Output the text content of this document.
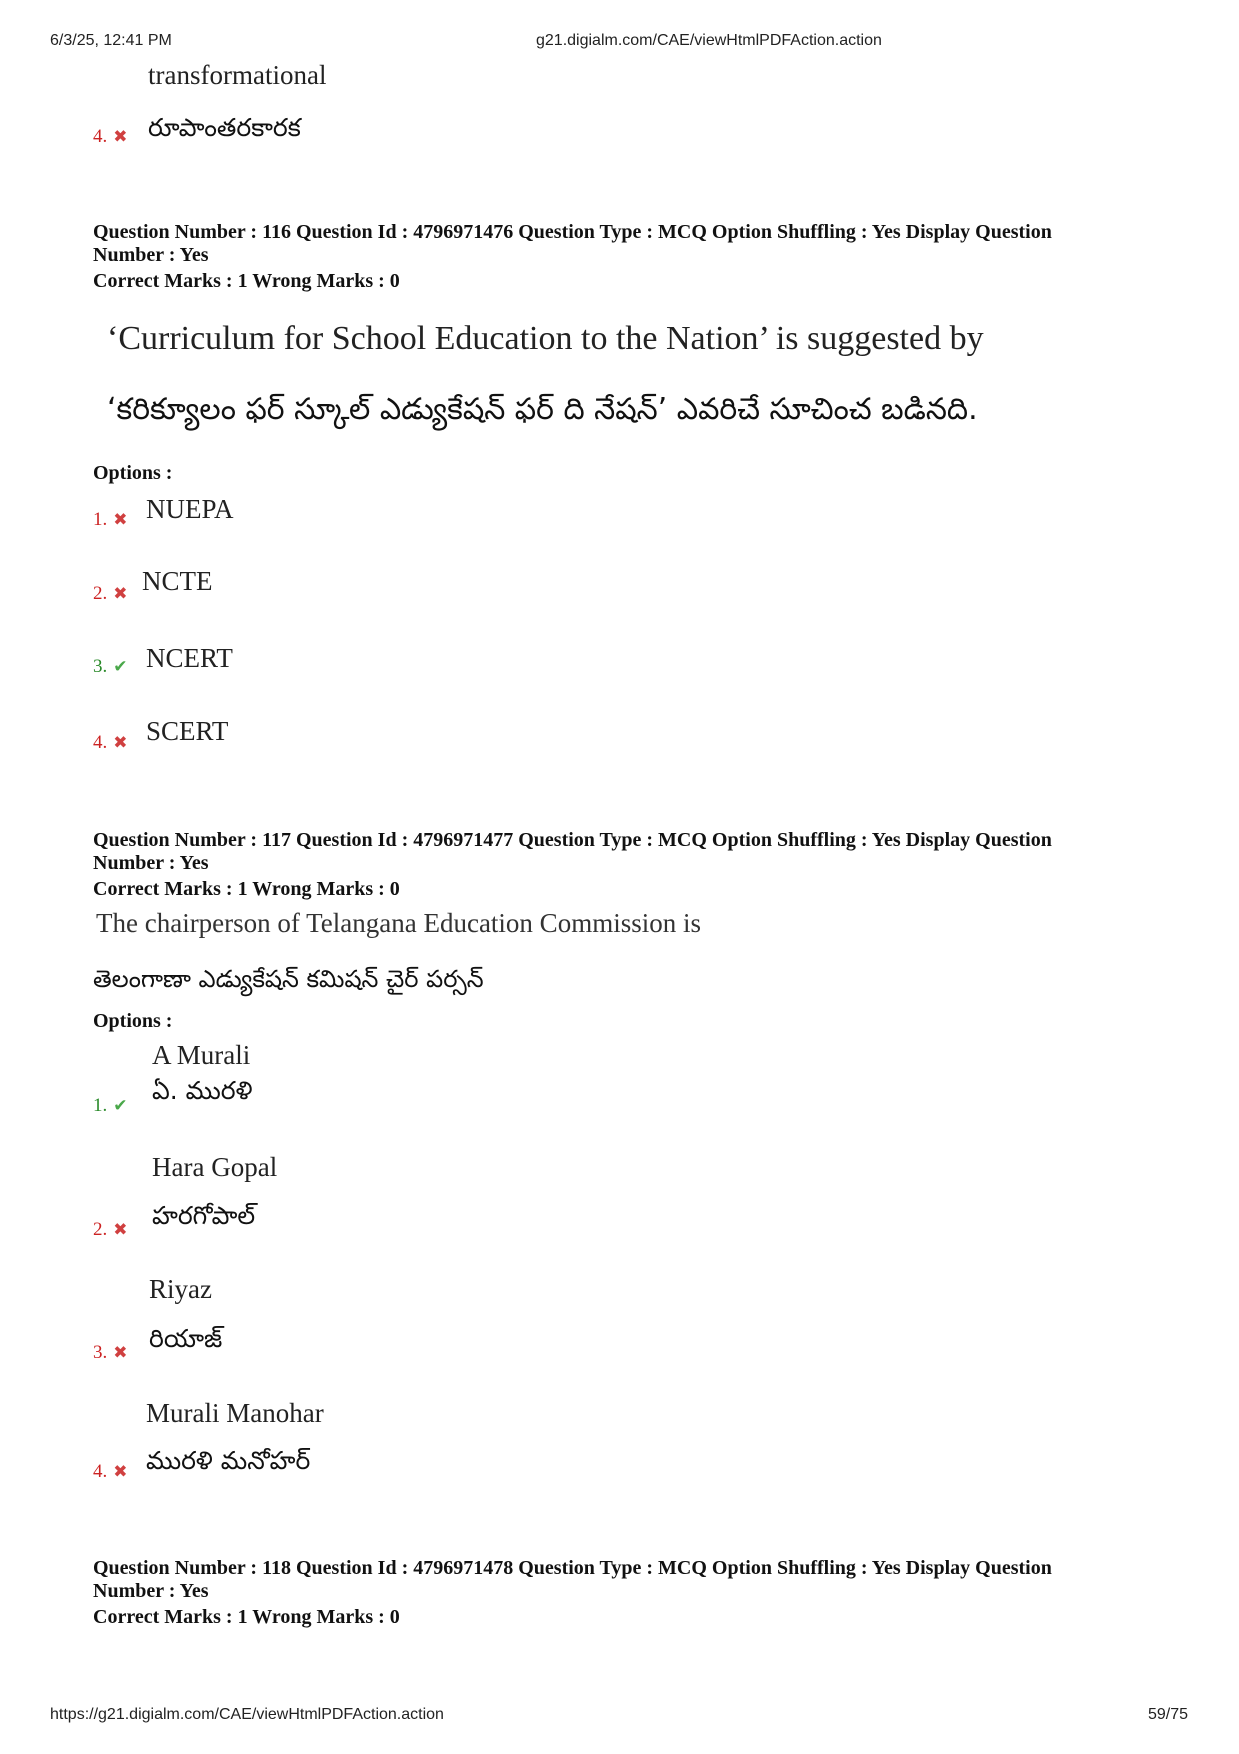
6/3/25, 12:41 PM	g21.digialm.com/CAE/viewHtmlPDFAction.action
transformational
4. ✖ రూపాంతరకారక
Question Number : 116 Question Id : 4796971476 Question Type : MCQ Option Shuffling : Yes Display Question
Number : Yes
Correct Marks : 1 Wrong Marks : 0
‘Curriculum for School Education to the Nation’ is suggested by
‘కరిక్యూలం ఫర్ స్కూల్ ఎడ్యుకేషన్ ఫర్ ది నేషన్’ ఎవరిచే సూచించ బడినది.
Options :
1. ✖ NUEPA
2. ✖ NCTE
3. ✔ NCERT
4. ✖ SCERT
Question Number : 117 Question Id : 4796971477 Question Type : MCQ Option Shuffling : Yes Display Question
Number : Yes
Correct Marks : 1 Wrong Marks : 0
The chairperson of Telangana Education Commission is
తెలంగాణా ఎడ్యుకేషన్ కమిషన్ చైర్ పర్సన్
Options :
A Murali
ఏ. మురళి
1. ✔
Hara Gopal
హరగోపాల్
2. ✖
Riyaz
రియాజ్
3. ✖
Murali Manohar
మురళి మనోహర్
4. ✖
Question Number : 118 Question Id : 4796971478 Question Type : MCQ Option Shuffling : Yes Display Question
Number : Yes
Correct Marks : 1 Wrong Marks : 0
https://g21.digialm.com/CAE/viewHtmlPDFAction.action	59/75
